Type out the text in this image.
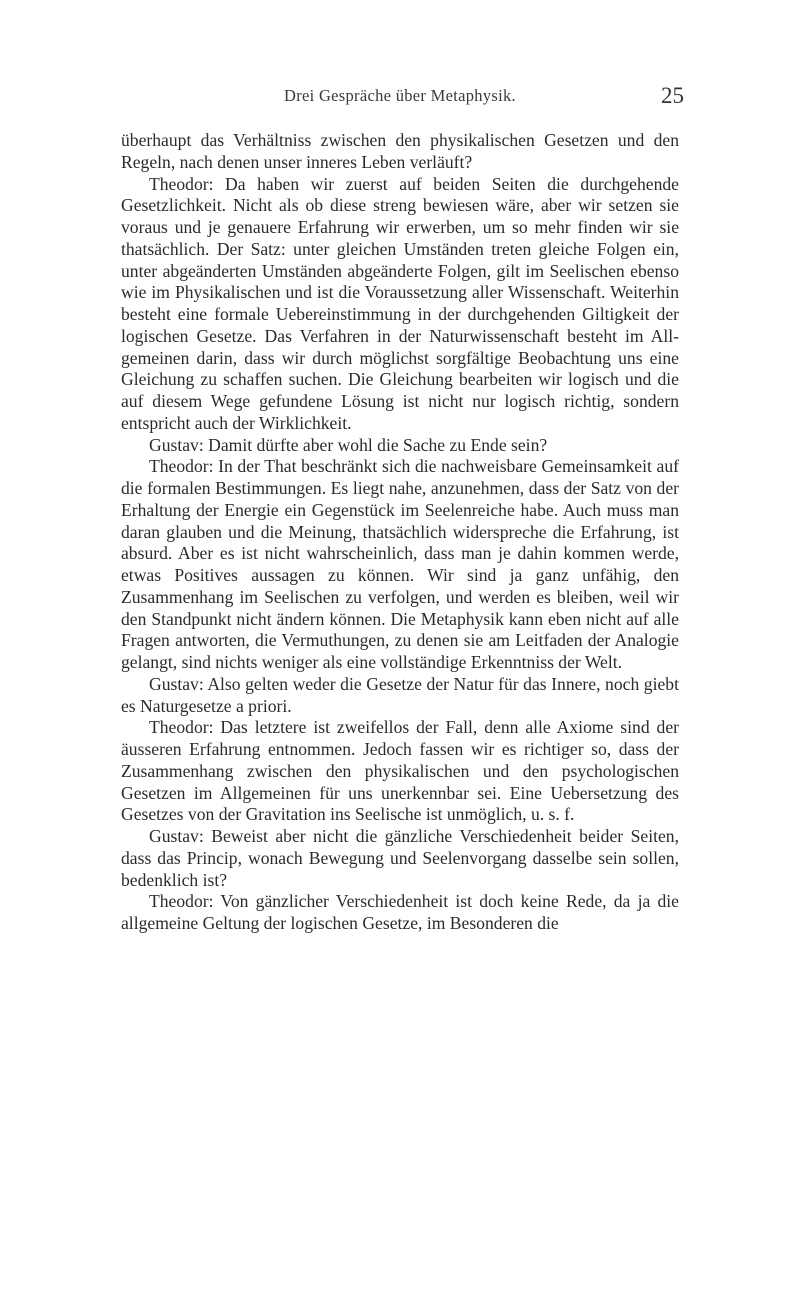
Drei Gespräche über Metaphysik.	25

überhaupt das Verhältniss zwischen den physikalischen Gesetzen und den Regeln, nach denen unser inneres Leben verläuft?

Theodor: Da haben wir zuerst auf beiden Seiten die durchgehende Gesetzlichkeit. Nicht als ob diese streng bewiesen wäre, aber wir setzen sie voraus und je genauere Erfahrung wir erwerben, um so mehr finden wir sie thatsächlich. Der Satz: unter gleichen Umständen treten gleiche Folgen ein, unter abgeänderten Umständen abgeänderte Folgen, gilt im Seelischen ebenso wie im Physikalischen und ist die Voraussetzung aller Wissenschaft. Weiterhin besteht eine formale Uebereinstimmung in der durchgehenden Giltigkeit der logischen Gesetze. Das Verfahren in der Naturwissenschaft besteht im Allgemeinen darin, dass wir durch möglichst sorgfältige Beobachtung uns eine Gleichung zu schaffen suchen. Die Gleichung bearbeiten wir logisch und die auf diesem Wege gefundene Lösung ist nicht nur logisch richtig, sondern entspricht auch der Wirklichkeit.

Gustav: Damit dürfte aber wohl die Sache zu Ende sein?

Theodor: In der That beschränkt sich die nachweisbare Gemeinsamkeit auf die formalen Bestimmungen. Es liegt nahe, anzunehmen, dass der Satz von der Erhaltung der Energie ein Gegenstück im Seelenreiche habe. Auch muss man daran glauben und die Meinung, thatsächlich widerspreche die Erfahrung, ist absurd. Aber es ist nicht wahrscheinlich, dass man je dahin kommen werde, etwas Positives aussagen zu können. Wir sind ja ganz unfähig, den Zusammenhang im Seelischen zu verfolgen, und werden es bleiben, weil wir den Standpunkt nicht ändern können. Die Metaphysik kann eben nicht auf alle Fragen antworten, die Vermuthungen, zu denen sie am Leitfaden der Analogie gelangt, sind nichts weniger als eine vollständige Erkenntniss der Welt.

Gustav: Also gelten weder die Gesetze der Natur für das Innere, noch giebt es Naturgesetze a priori.

Theodor: Das letztere ist zweifellos der Fall, denn alle Axiome sind der äusseren Erfahrung entnommen. Jedoch fassen wir es richtiger so, dass der Zusammenhang zwischen den physikalischen und den psychologischen Gesetzen im Allgemeinen für uns unerkennbar sei. Eine Uebersetzung des Gesetzes von der Gravitation ins Seelische ist unmöglich, u. s. f.

Gustav: Beweist aber nicht die gänzliche Verschiedenheit beider Seiten, dass das Princip, wonach Bewegung und Seelenvorgang dasselbe sein sollen, bedenklich ist?

Theodor: Von gänzlicher Verschiedenheit ist doch keine Rede, da ja die allgemeine Geltung der logischen Gesetze, im Besonderen die
